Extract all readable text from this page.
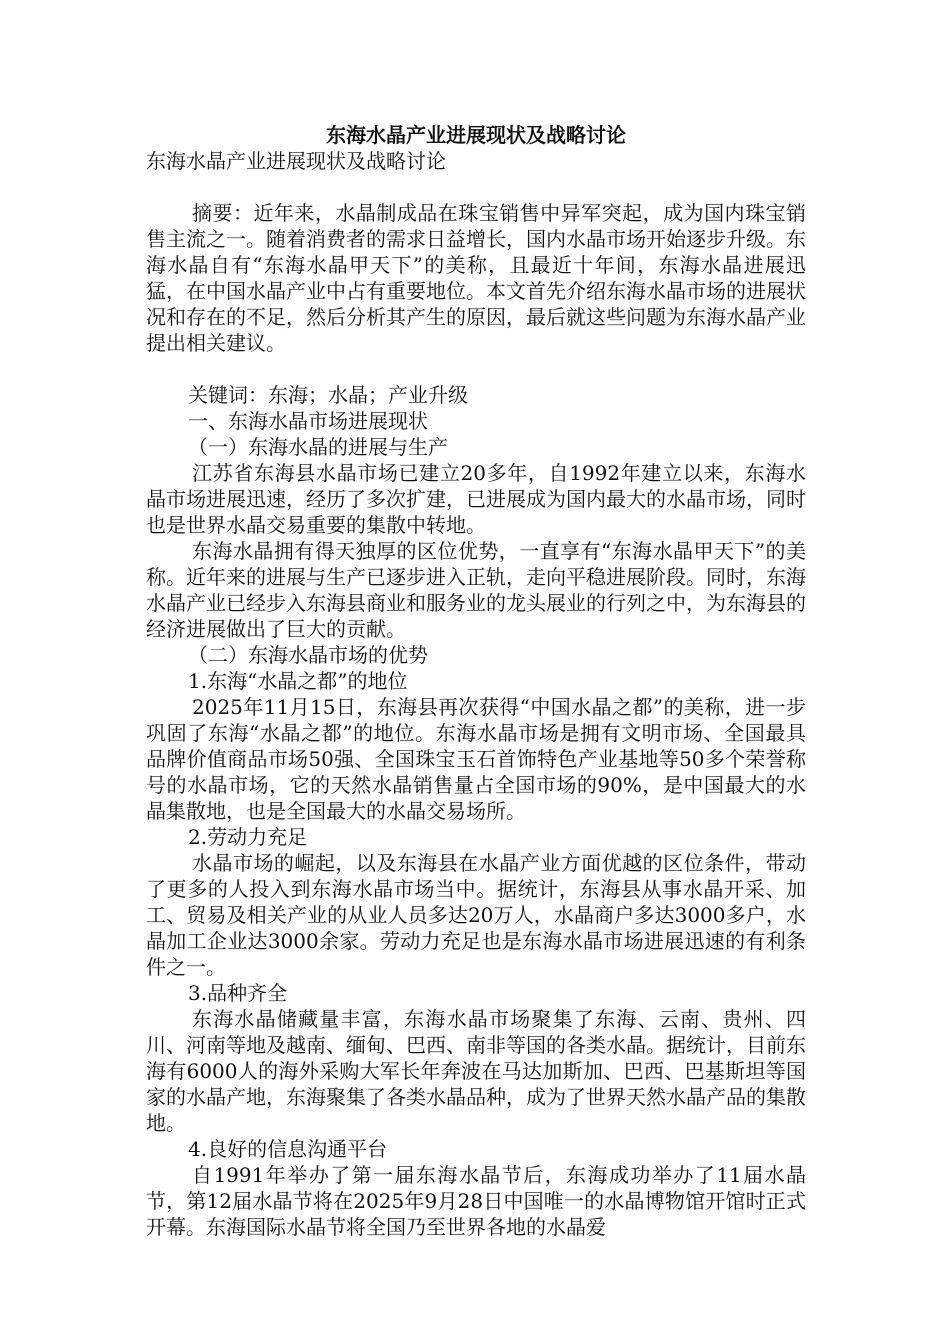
东海水晶产业进展现状及战略讨论

东海水晶产业进展现状及战略讨论

摘要：近年来，水晶制成品在珠宝销售中异军突起，成为国内珠宝销售主流之一。随着消费者的需求日益增长，国内水晶市场开始逐步升级。东海水晶自有“东海水晶甲天下”的美称，且最近十年间，东海水晶进展迅猛，在中国水晶产业中占有重要地位。本文首先介绍东海水晶市场的进展状况和存在的不足，然后分析其产生的原因，最后就这些问题为东海水晶产业提出相关建议。

关键词：东海；水晶；产业升级

一、东海水晶市场进展现状

（一）东海水晶的进展与生产

江苏省东海县水晶市场已建立20多年，自1992年建立以来，东海水晶市场进展迅速，经历了多次扩建，已进展成为国内最大的水晶市场，同时也是世界水晶交易重要的集散中转地。

东海水晶拥有得天独厚的区位优势，一直享有“东海水晶甲天下”的美称。近年来的进展与生产已逐步进入正轨，走向平稳进展阶段。同时，东海水晶产业已经步入东海县商业和服务业的龙头展业的行列之中，为东海县的经济进展做出了巨大的贡献。

（二）东海水晶市场的优势

1.东海“水晶之都”的地位

2025年11月15日，东海县再次获得“中国水晶之都”的美称，进一步巩固了东海“水晶之都”的地位。东海水晶市场是拥有文明市场、全国最具品牌价值商品市场50强、全国珠宝玉石首饰特色产业基地等50多个荣誉称号的水晶市场，它的天然水晶销售量占全国市场的90%，是中国最大的水晶集散地，也是全国最大的水晶交易场所。

2.劳动力充足

水晶市场的崛起，以及东海县在水晶产业方面优越的区位条件，带动了更多的人投入到东海水晶市场当中。据统计，东海县从事水晶开采、加工、贸易及相关产业的从业人员多达20万人，水晶商户多达3000多户，水晶加工企业达3000余家。劳动力充足也是东海水晶市场进展迅速的有利条件之一。

3.品种齐全

东海水晶储藏量丰富，东海水晶市场聚集了东海、云南、贵州、四川、河南等地及越南、缅甸、巴西、南非等国的各类水晶。据统计，目前东海有6000人的海外采购大军长年奔波在马达加斯加、巴西、巴基斯坦等国家的水晶产地，东海聚集了各类水晶品种，成为了世界天然水晶产品的集散地。

4.良好的信息沟通平台

自1991年举办了第一届东海水晶节后，东海成功举办了11届水晶节，第12届水晶节将在2025年9月28日中国唯一的水晶博物馆开馆时正式开幕。东海国际水晶节将全国乃至世界各地的水晶爱
